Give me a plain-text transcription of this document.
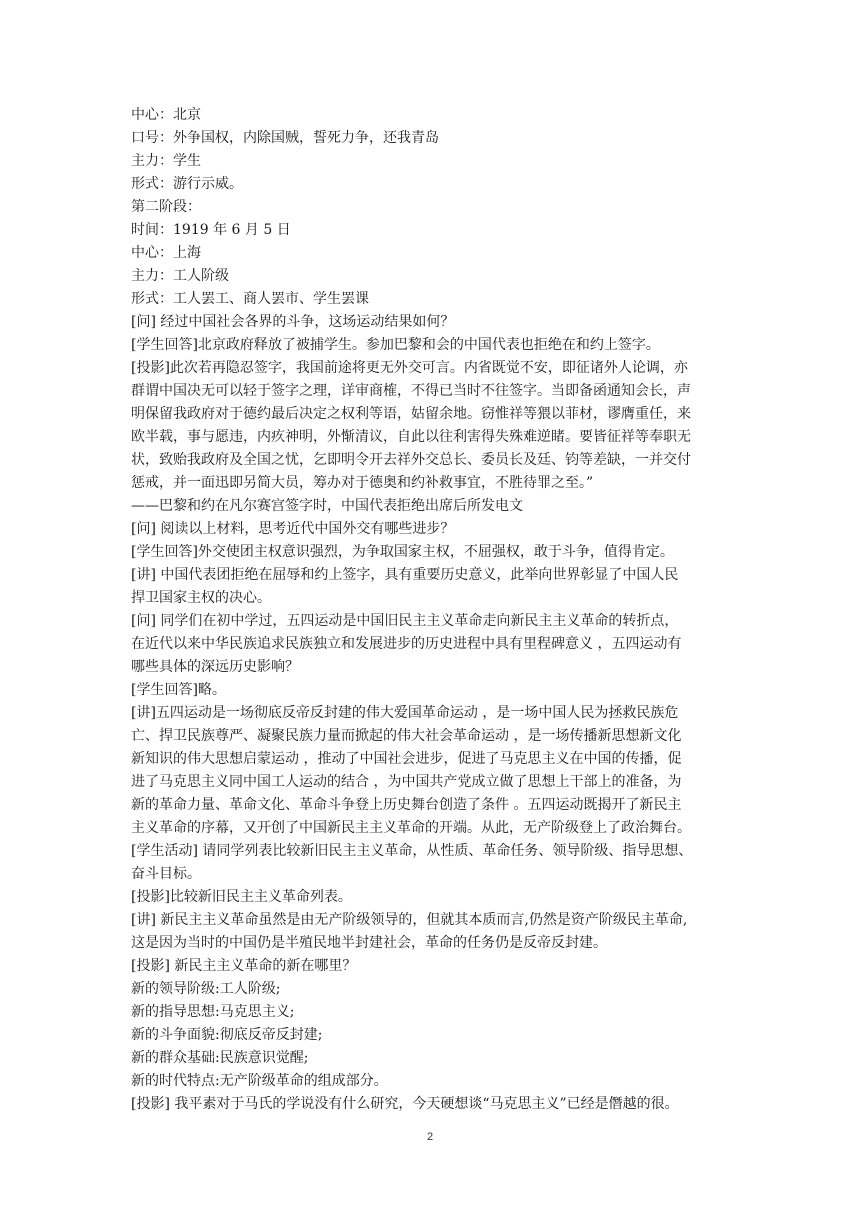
中心：北京
口号：外争国权，内除国贼，誓死力争，还我青岛
主力：学生
形式：游行示威。
第二阶段：
时间：1919 年 6 月 5 日
中心：上海
主力：工人阶级
形式：工人罢工、商人罢市、学生罢课
[问] 经过中国社会各界的斗争，这场运动结果如何？
[学生回答]北京政府释放了被捕学生。参加巴黎和会的中国代表也拒绝在和约上签字。
[投影]此次若再隐忍签字，我国前途将更无外交可言。内省既觉不安，即征诸外人论调，亦
群谓中国决无可以轻于签字之理，详审商榷，不得已当时不往签字。当即备函通知会长，声
明保留我政府对于德约最后决定之权利等语，姑留余地。窃惟祥等猥以菲材，谬膺重任，来
欧半载，事与愿违，内疚神明，外惭清议，自此以往利害得失殊难逆睹。要皆征祥等奉职无
状，致贻我政府及全国之忧，乞即明令开去祥外交总长、委员长及廷、钧等差缺，一并交付
惩戒，并一面迅即另简大员，筹办对于德奥和约补救事宜，不胜待罪之至。”
——巴黎和约在凡尔赛宫签字时，中国代表拒绝出席后所发电文
[问] 阅读以上材料，思考近代中国外交有哪些进步？
[学生回答]外交使团主权意识强烈，为争取国家主权，不屈强权，敢于斗争，值得肯定。
[讲] 中国代表团拒绝在屈辱和约上签字，具有重要历史意义，此举向世界彰显了中国人民
捍卫国家主权的决心。
[问] 同学们在初中学过，五四运动是中国旧民主主义革命走向新民主主义革命的转折点，
在近代以来中华民族追求民族独立和发展进步的历史进程中具有里程碑意义 ，五四运动有
哪些具体的深远历史影响？
[学生回答]略。
[讲]五四运动是一场彻底反帝反封建的伟大爱国革命运动 ，是一场中国人民为拯救民族危
亡、捍卫民族尊严、凝聚民族力量而掀起的伟大社会革命运动 ，是一场传播新思想新文化
新知识的伟大思想启蒙运动 ，推动了中国社会进步，促进了马克思主义在中国的传播，促
进了马克思主义同中国工人运动的结合 ，为中国共产党成立做了思想上干部上的准备，为
新的革命力量、革命文化、革命斗争登上历史舞台创造了条件 。五四运动既揭开了新民主
主义革命的序幕，又开创了中国新民主主义革命的开端。从此，无产阶级登上了政治舞台。
[学生活动] 请同学列表比较新旧民主主义革命，从性质、革命任务、领导阶级、指导思想、
奋斗目标。
[投影]比较新旧民主主义革命列表。
[讲] 新民主主义革命虽然是由无产阶级领导的，但就其本质而言,仍然是资产阶级民主革命,
这是因为当时的中国仍是半殖民地半封建社会，革命的任务仍是反帝反封建。
[投影] 新民主主义革命的新在哪里？
新的领导阶级:工人阶级;
新的指导思想:马克思主义;
新的斗争面貌:彻底反帝反封建;
新的群众基础:民族意识觉醒;
新的时代特点:无产阶级革命的组成部分。
[投影] 我平素对于马氏的学说没有什么研究，今天硬想谈“马克思主义”已经是僭越的很。
2
